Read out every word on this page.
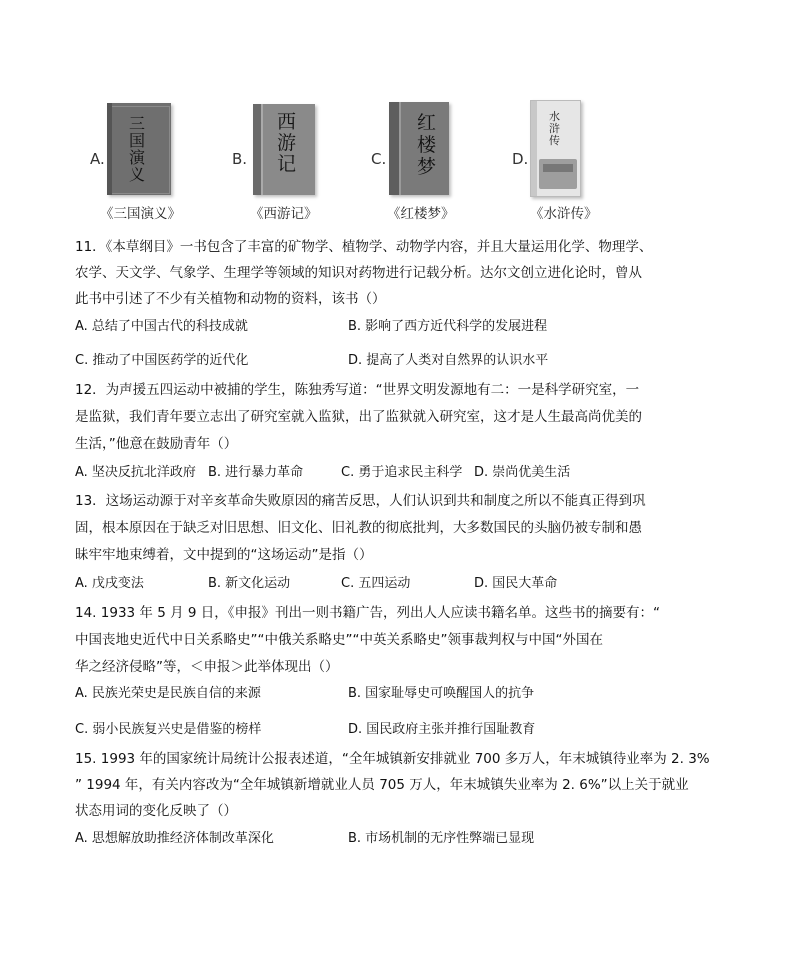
A.
三国演义
《三国演义》
B.
西游记
《西游记》
C.
红楼梦
《红楼梦》
D.
水浒传
《水浒传》
11．《本草纲目》一书包含了丰富的矿物学、植物学、动物学内容，并且大量运用化学、物理学、
农学、天文学、气象学、生理学等领域的知识对药物进行记载分析。达尔文创立进化论时，曾从
此书中引述了不少有关植物和动物的资料，该书（）
A. 总结了中国古代的科技成就	B. 影响了西方近代科学的发展进程
C. 推动了中国医药学的近代化	D. 提高了人类对自然界的认识水平
12．为声援五四运动中被捕的学生，陈独秀写道：“世界文明发源地有二：一是科学研究室，一
是监狱，我们青年要立志出了研究室就入监狱，出了监狱就入研究室，这才是人生最高尚优美的
生活，”他意在鼓励青年（）
A. 坚决反抗北洋政府 B. 进行暴力革命	C. 勇于追求民主科学 D. 崇尚优美生活
13．这场运动源于对辛亥革命失败原因的痛苦反思，人们认识到共和制度之所以不能真正得到巩
固，根本原因在于缺乏对旧思想、旧文化、旧礼教的彻底批判，大多数国民的头脑仍被专制和愚
昧牢牢地束缚着，文中提到的“这场运动”是指（）
A. 戊戌变法	B. 新文化运动	C. 五四运动	D. 国民大革命
14. 1933 年 5 月 9 日，《申报》刊出一则书籍广告，列出人人应读书籍名单。这些书的摘要有：“
中国丧地史近代中日关系略史”“中俄关系略史”“中英关系略史”领事裁判权与中国“外国在
华之经济侵略”等，＜申报＞此举体现出（）
A. 民族光荣史是民族自信的来源	B. 国家耻辱史可唤醒国人的抗争
C. 弱小民族复兴史是借鉴的榜样	D. 国民政府主张并推行国耻教育
15. 1993 年的国家统计局统计公报表述道，“全年城镇新安排就业 700 多万人，年末城镇待业率为 2. 3%
” 1994 年，有关内容改为“全年城镇新增就业人员 705 万人，年末城镇失业率为 2. 6%”以上关于就业
状态用词的变化反映了（）
A. 思想解放助推经济体制改革深化	B. 市场机制的无序性弊端已显现
